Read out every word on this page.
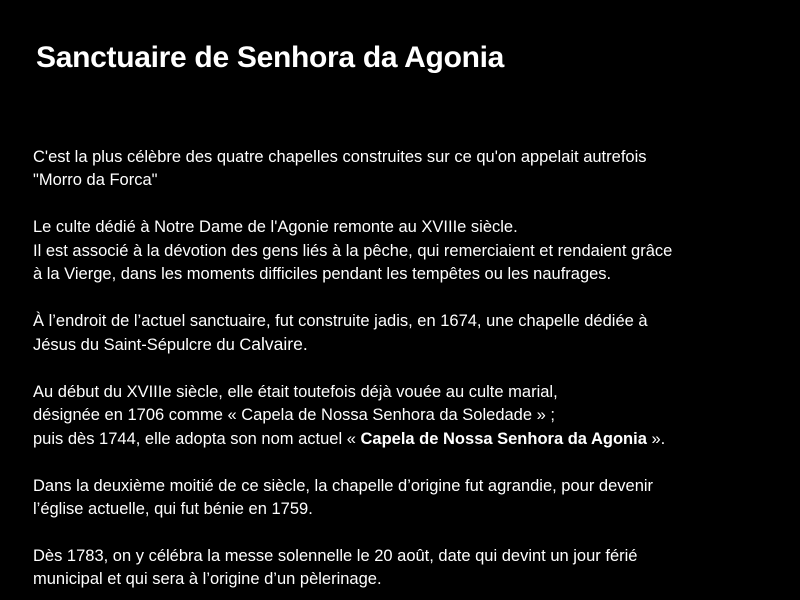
Sanctuaire de Senhora da Agonia
C'est la plus célèbre des quatre chapelles construites sur ce qu'on appelait autrefois
"Morro da Forca"
Le culte dédié à Notre Dame de l'Agonie remonte au XVIIIe siècle.
Il est associé à la dévotion des gens liés à la pêche, qui remerciaient et rendaient grâce
à la Vierge, dans les moments difficiles pendant les tempêtes ou les naufrages.
À l’endroit de l’actuel sanctuaire, fut construite jadis, en 1674, une chapelle dédiée à
Jésus du Saint-Sépulcre du Calvaire.
Au début du XVIIIe siècle, elle était toutefois déjà vouée au culte marial,
désignée en 1706 comme « Capela de Nossa Senhora da Soledade » ;
puis dès 1744, elle adopta son nom actuel « Capela de Nossa Senhora da Agonia ».
Dans la deuxième moitié de ce siècle, la chapelle d’origine fut agrandie, pour devenir
l’église actuelle, qui fut bénie en 1759.
Dès 1783, on y célébra la messe solennelle le 20 août, date qui devint un jour férié
municipal et qui sera à l’origine d’un pèlerinage.
